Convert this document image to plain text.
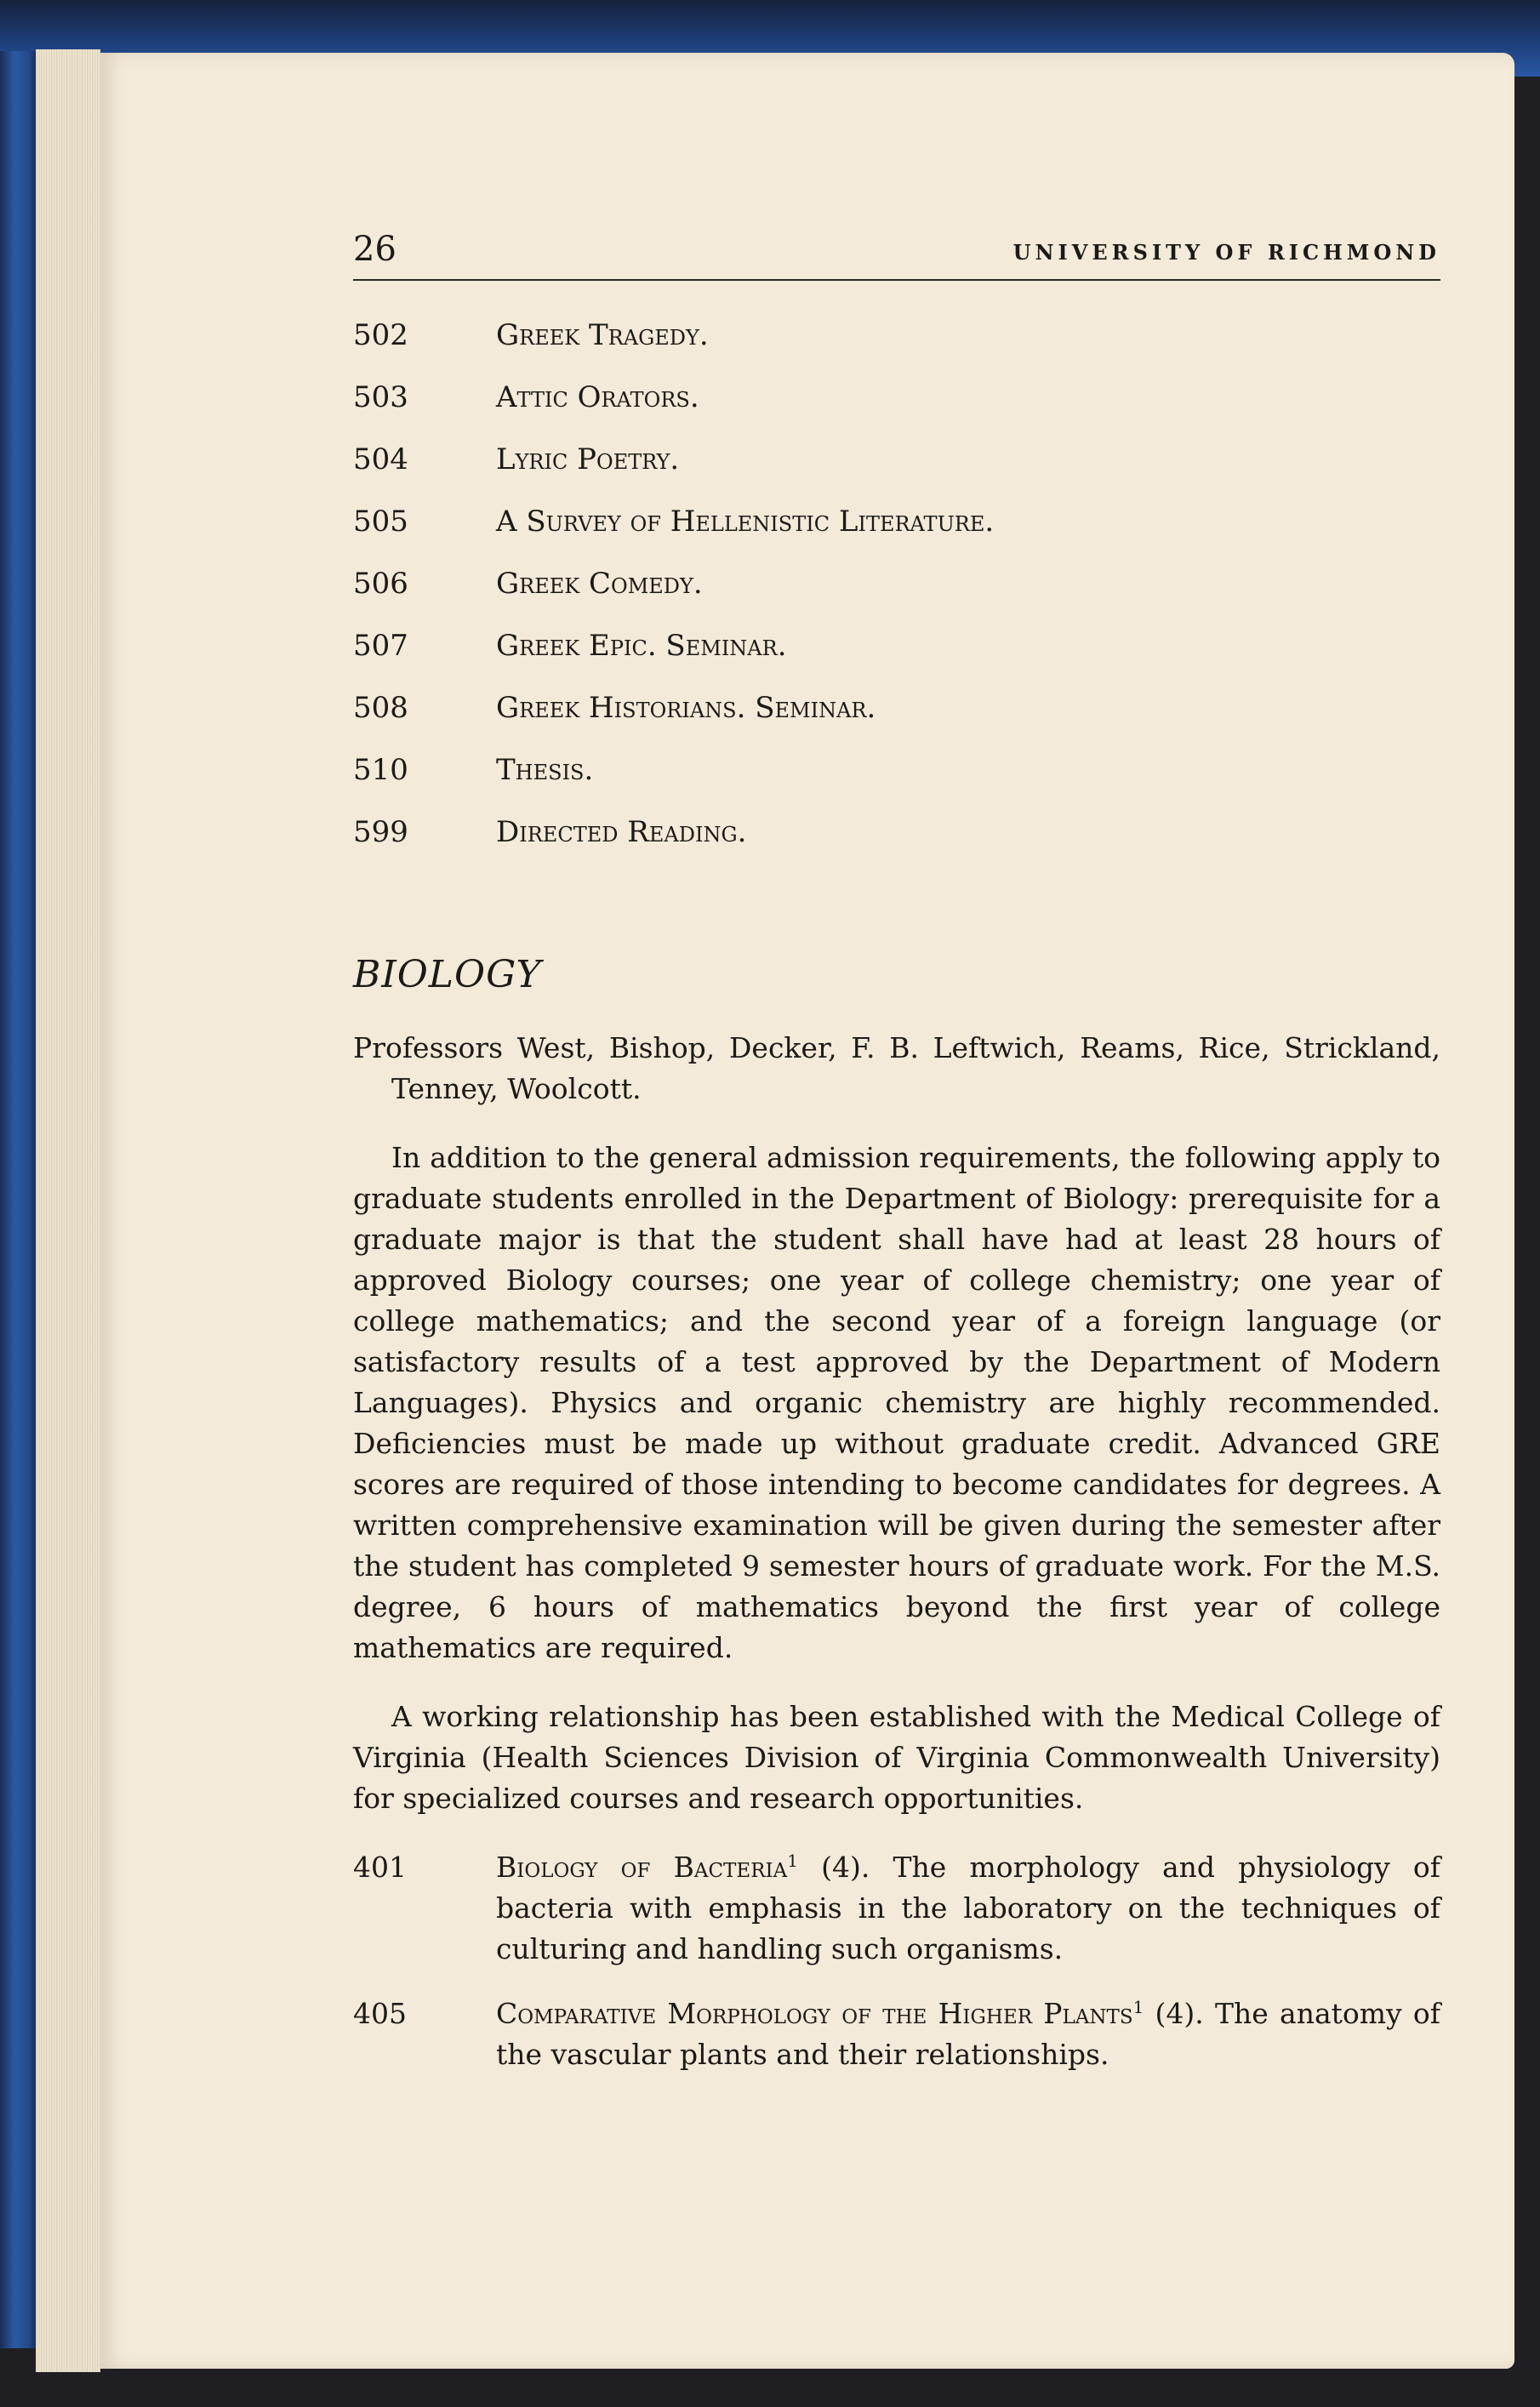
26	UNIVERSITY OF RICHMOND
502	Greek Tragedy.
503	Attic Orators.
504	Lyric Poetry.
505	A Survey of Hellenistic Literature.
506	Greek Comedy.
507	Greek Epic. Seminar.
508	Greek Historians. Seminar.
510	Thesis.
599	Directed Reading.
BIOLOGY

Professors West, Bishop, Decker, F. B. Leftwich, Reams, Rice, Strickland, Tenney, Woolcott.

In addition to the general admission requirements, the following apply to graduate students enrolled in the Department of Biology: prerequisite for a graduate major is that the student shall have had at least 28 hours of approved Biology courses; one year of college chemistry; one year of college mathematics; and the second year of a foreign language (or satisfactory results of a test approved by the Department of Modern Languages). Physics and organic chemistry are highly recommended. Deficiencies must be made up without graduate credit. Advanced GRE scores are required of those intending to become candidates for degrees. A written comprehensive examination will be given during the semester after the student has completed 9 semester hours of graduate work. For the M.S. degree, 6 hours of mathematics beyond the first year of college mathematics are required.

A working relationship has been established with the Medical College of Virginia (Health Sciences Division of Virginia Commonwealth University) for specialized courses and research opportunities.

401	Biology of Bacteria$^1$ (4). The morphology and physiology of bacteria with emphasis in the laboratory on the techniques of culturing and handling such organisms.
405	Comparative Morphology of the Higher Plants$^1$ (4). The anatomy of the vascular plants and their relationships.
